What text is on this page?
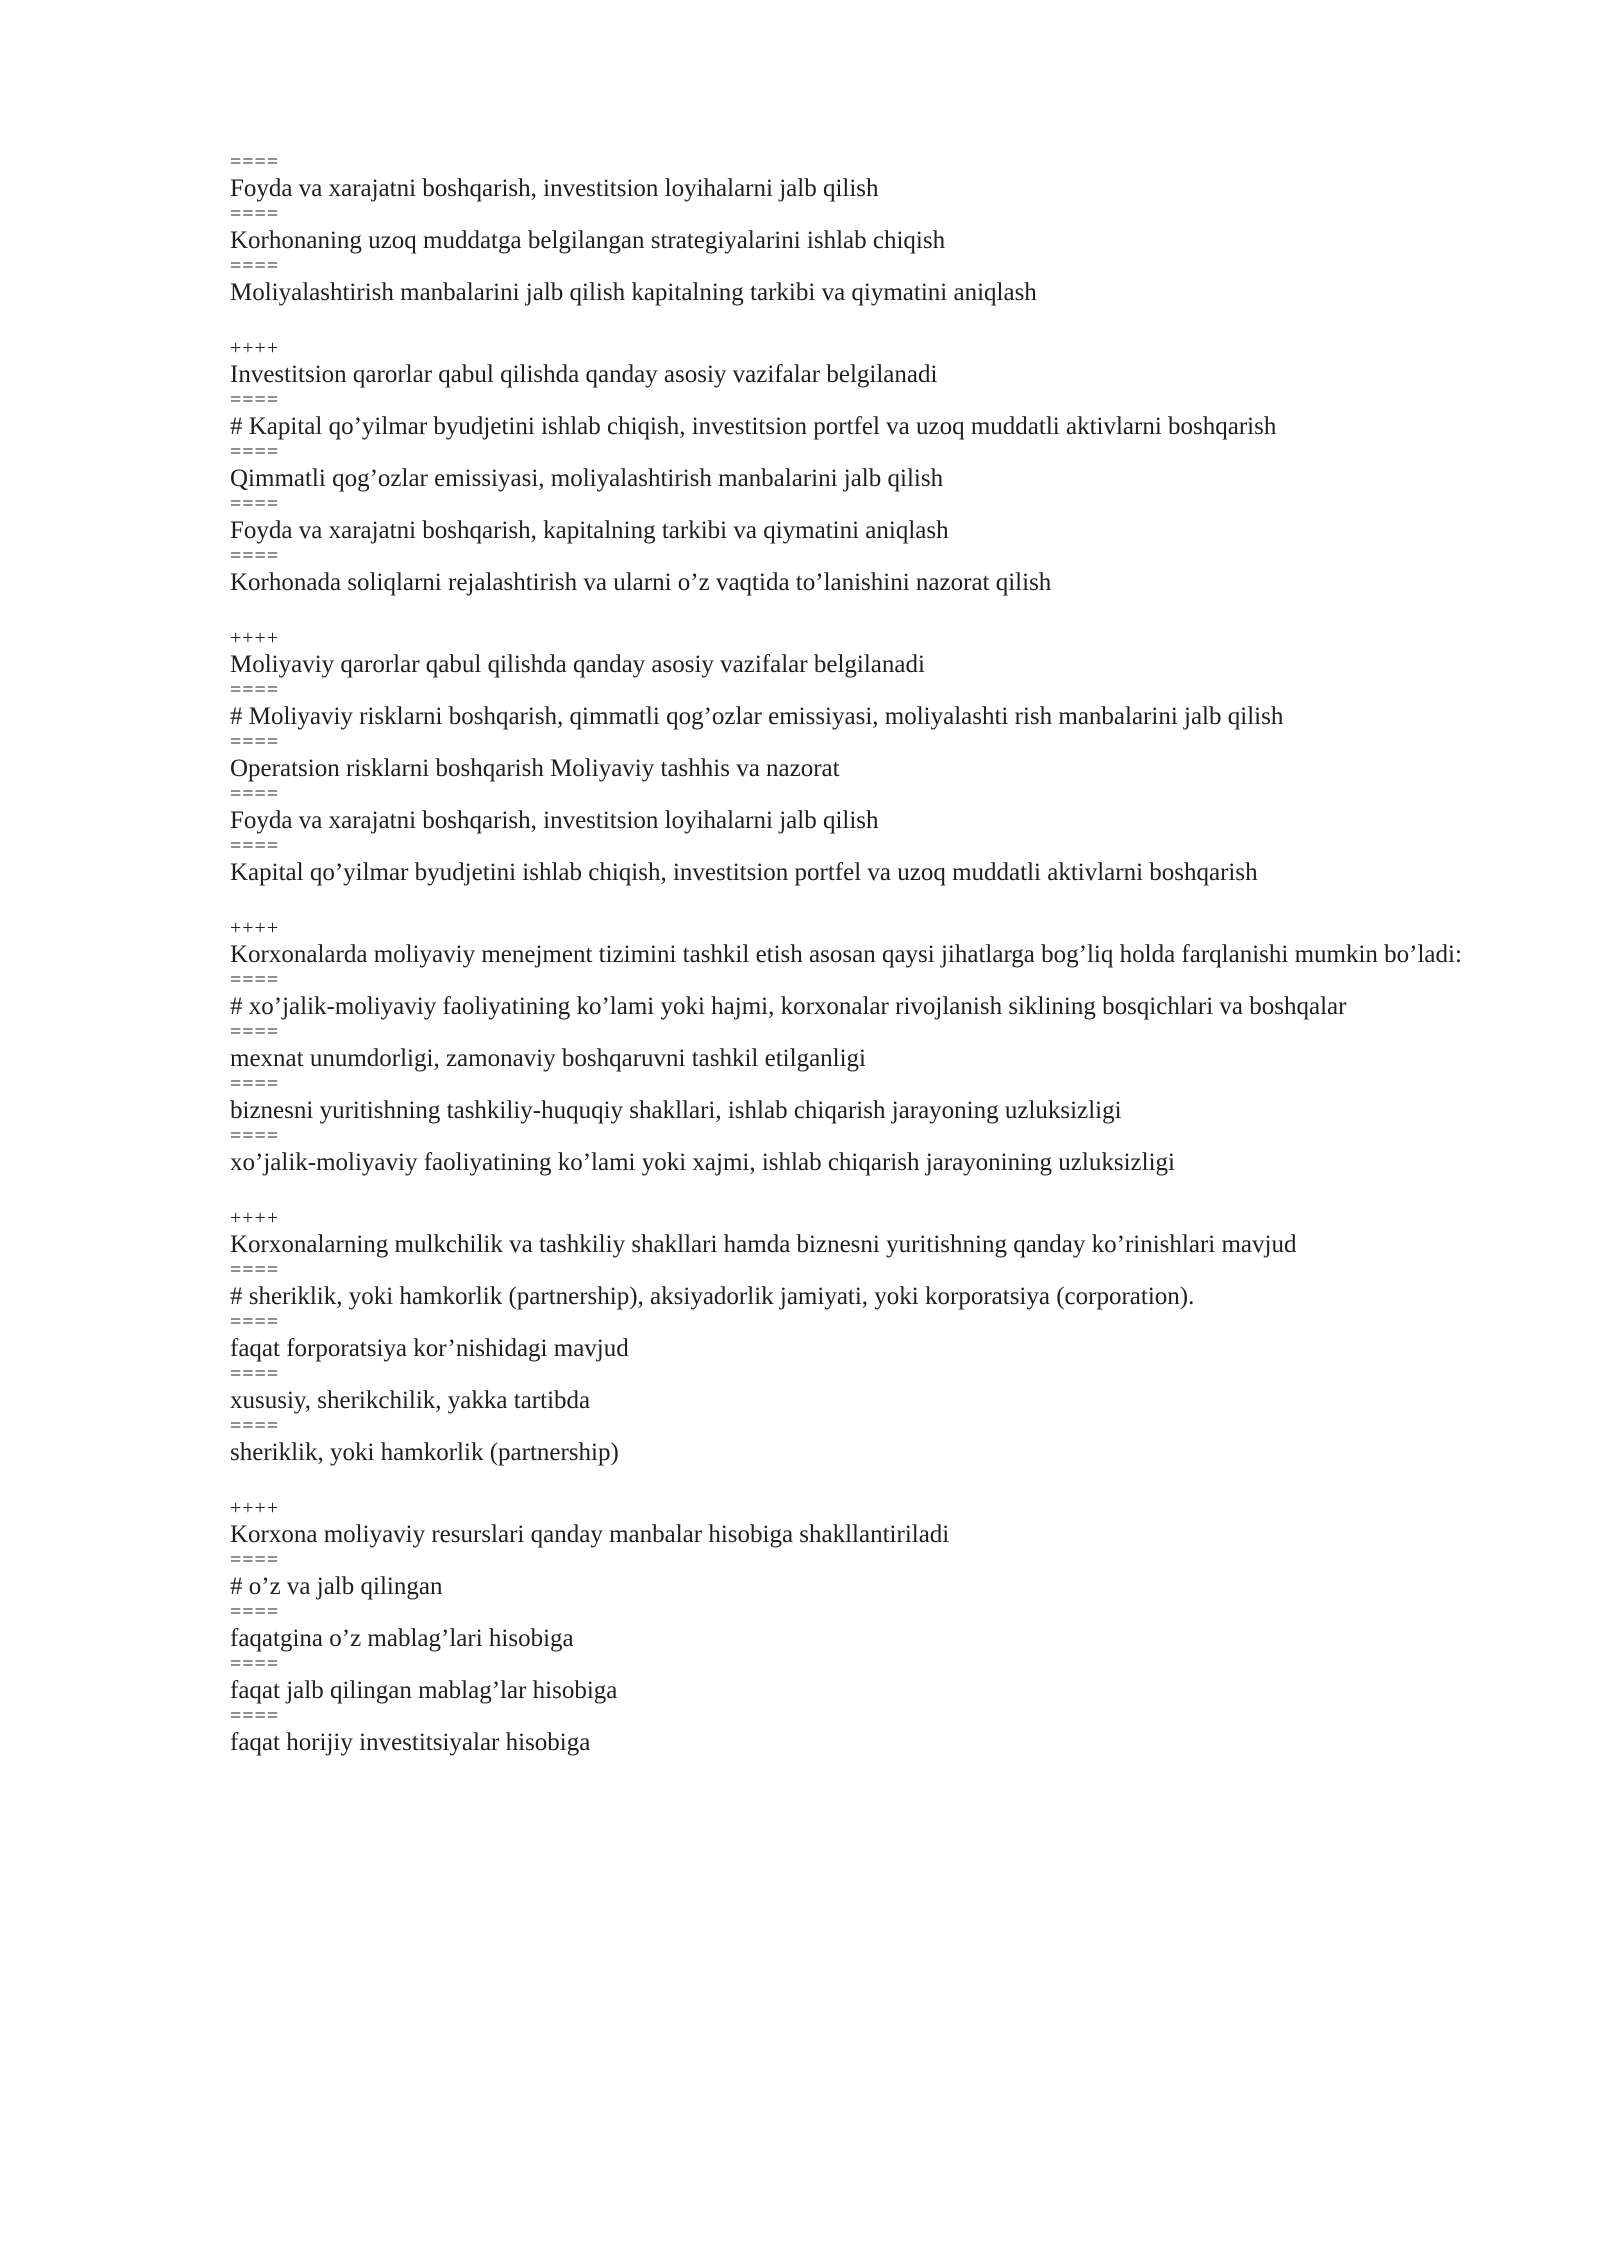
====
Foyda va xarajatni boshqarish, investitsion loyihalarni jalb qilish
====
Korhonaning uzoq muddatga belgilangan strategiyalarini ishlab chiqish
====
Moliyalashtirish manbalarini jalb qilish kapitalning tarkibi va qiymatini aniqlash
++++
Investitsion qarorlar qabul qilishda qanday asosiy vazifalar belgilanadi
====
# Kapital qo’yilmar byudjetini ishlab chiqish, investitsion portfel va uzoq muddatli aktivlarni boshqarish
====
Qimmatli qog’ozlar emissiyasi, moliyalashtirish manbalarini jalb qilish
====
Foyda va xarajatni boshqarish, kapitalning tarkibi va qiymatini aniqlash
====
Korhonada soliqlarni rejalashtirish va ularni o’z vaqtida to’lanishini nazorat qilish
++++
Moliyaviy qarorlar qabul qilishda qanday asosiy vazifalar belgilanadi
====
# Moliyaviy risklarni boshqarish, qimmatli qog’ozlar emissiyasi, moliyalashti rish manbalarini jalb qilish
====
Operatsion risklarni boshqarish Moliyaviy tashhis va nazorat
====
Foyda va xarajatni boshqarish, investitsion loyihalarni jalb qilish
====
Kapital qo’yilmar byudjetini ishlab chiqish, investitsion portfel va uzoq muddatli aktivlarni boshqarish
++++
Korxonalarda moliyaviy menejment tizimini tashkil etish asosan qaysi jihatlarga bog’liq holda farqlanishi mumkin bo’ladi:
====
# xo’jalik-moliyaviy faoliyatining ko’lami yoki hajmi, korxonalar rivojlanish siklining bosqichlari va boshqalar
====
mexnat unumdorligi, zamonaviy boshqaruvni tashkil etilganligi
====
biznesni yuritishning tashkiliy-huquqiy shakllari, ishlab chiqarish jarayoning uzluksizligi
====
xo’jalik-moliyaviy faoliyatining ko’lami yoki xajmi, ishlab chiqarish jarayonining uzluksizligi
++++
Korxonalarning mulkchilik va tashkiliy shakllari hamda biznesni yuritishning qanday ko’rinishlari mavjud
====
# sheriklik, yoki hamkorlik (partnership), aksiyadorlik jamiyati, yoki korporatsiya (corporation).
====
faqat forporatsiya kor’nishidagi mavjud
====
xususiy, sherikchilik, yakka tartibda
====
sheriklik, yoki hamkorlik (partnership)
++++
Korxona moliyaviy resurslari qanday manbalar hisobiga shakllantiriladi
====
# o’z va jalb qilingan
====
faqatgina o’z mablag’lari hisobiga
====
faqat jalb qilingan mablag’lar hisobiga
====
faqat horijiy investitsiyalar hisobiga
